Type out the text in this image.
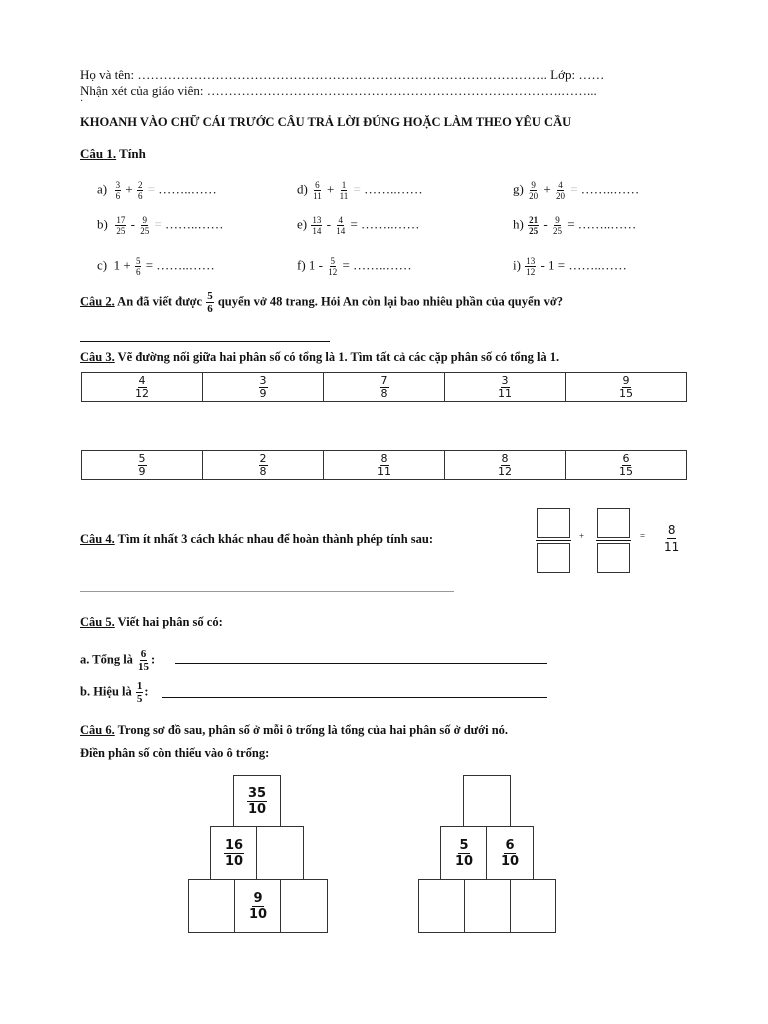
Họ và tên: ………………………………………………………………………………….. Lớp: ……
Nhận xét của giáo viên: ……………………………………………………………………….……...
·
KHOANH VÀO CHỮ CÁI TRƯỚC CÂU TRẢ LỜI ĐÚNG HOẶC LÀM THEO YÊU CẦU
Câu 1. Tính
$a) \frac{3}{6} + \frac{2}{6}$ = ……..……	$d) \frac{6}{11} + \frac{1}{11}$ = ……..……	$g) \frac{9}{20} + \frac{4}{20}$ = ……..……
$b) \frac{17}{25} - \frac{9}{25}$ = ……..……	$e) \frac{13}{14} - \frac{4}{14}$ = ……..……	$h) \frac{21}{25} - \frac{9}{25}$ = ……..……
c) $1 + \frac{5}{6}$ = ……..……	f) $1 - \frac{5}{12}$ = ……..……	$i) \frac{13}{12} - 1$ = ……..……
Câu 2. An đã viết được $\frac{5}{6}$ quyển vở 48 trang. Hỏi An còn lại bao nhiêu phần của quyển vở?
Câu 3. Vẽ đường nối giữa hai phân số có tổng là 1. Tìm tất cả các cặp phân số có tổng là 1.
$\frac{4}{12}$	$\frac{3}{9}$	$\frac{7}{8}$	$\frac{3}{11}$	$\frac{9}{15}$
$\frac{5}{9}$	$\frac{2}{8}$	$\frac{8}{11}$	$\frac{8}{12}$	$\frac{6}{15}$
Câu 4. Tìm ít nhất 3 cách khác nhau để hoàn thành phép tính sau:	+	= $\frac{8}{11}$
Câu 5. Viết hai phân số có:
a. Tổng là $\frac{6}{15}$ :
b. Hiệu là $\frac{1}{5}$ :
Câu 6. Trong sơ đồ sau, phân số ở mỗi ô trống là tổng của hai phân số ở dưới nó.
Điền phân số còn thiếu vào ô trống:
$\frac{35}{10}$
$\frac{16}{10}$
$\frac{9}{10}$
$\frac{5}{10} \frac{6}{10}$
